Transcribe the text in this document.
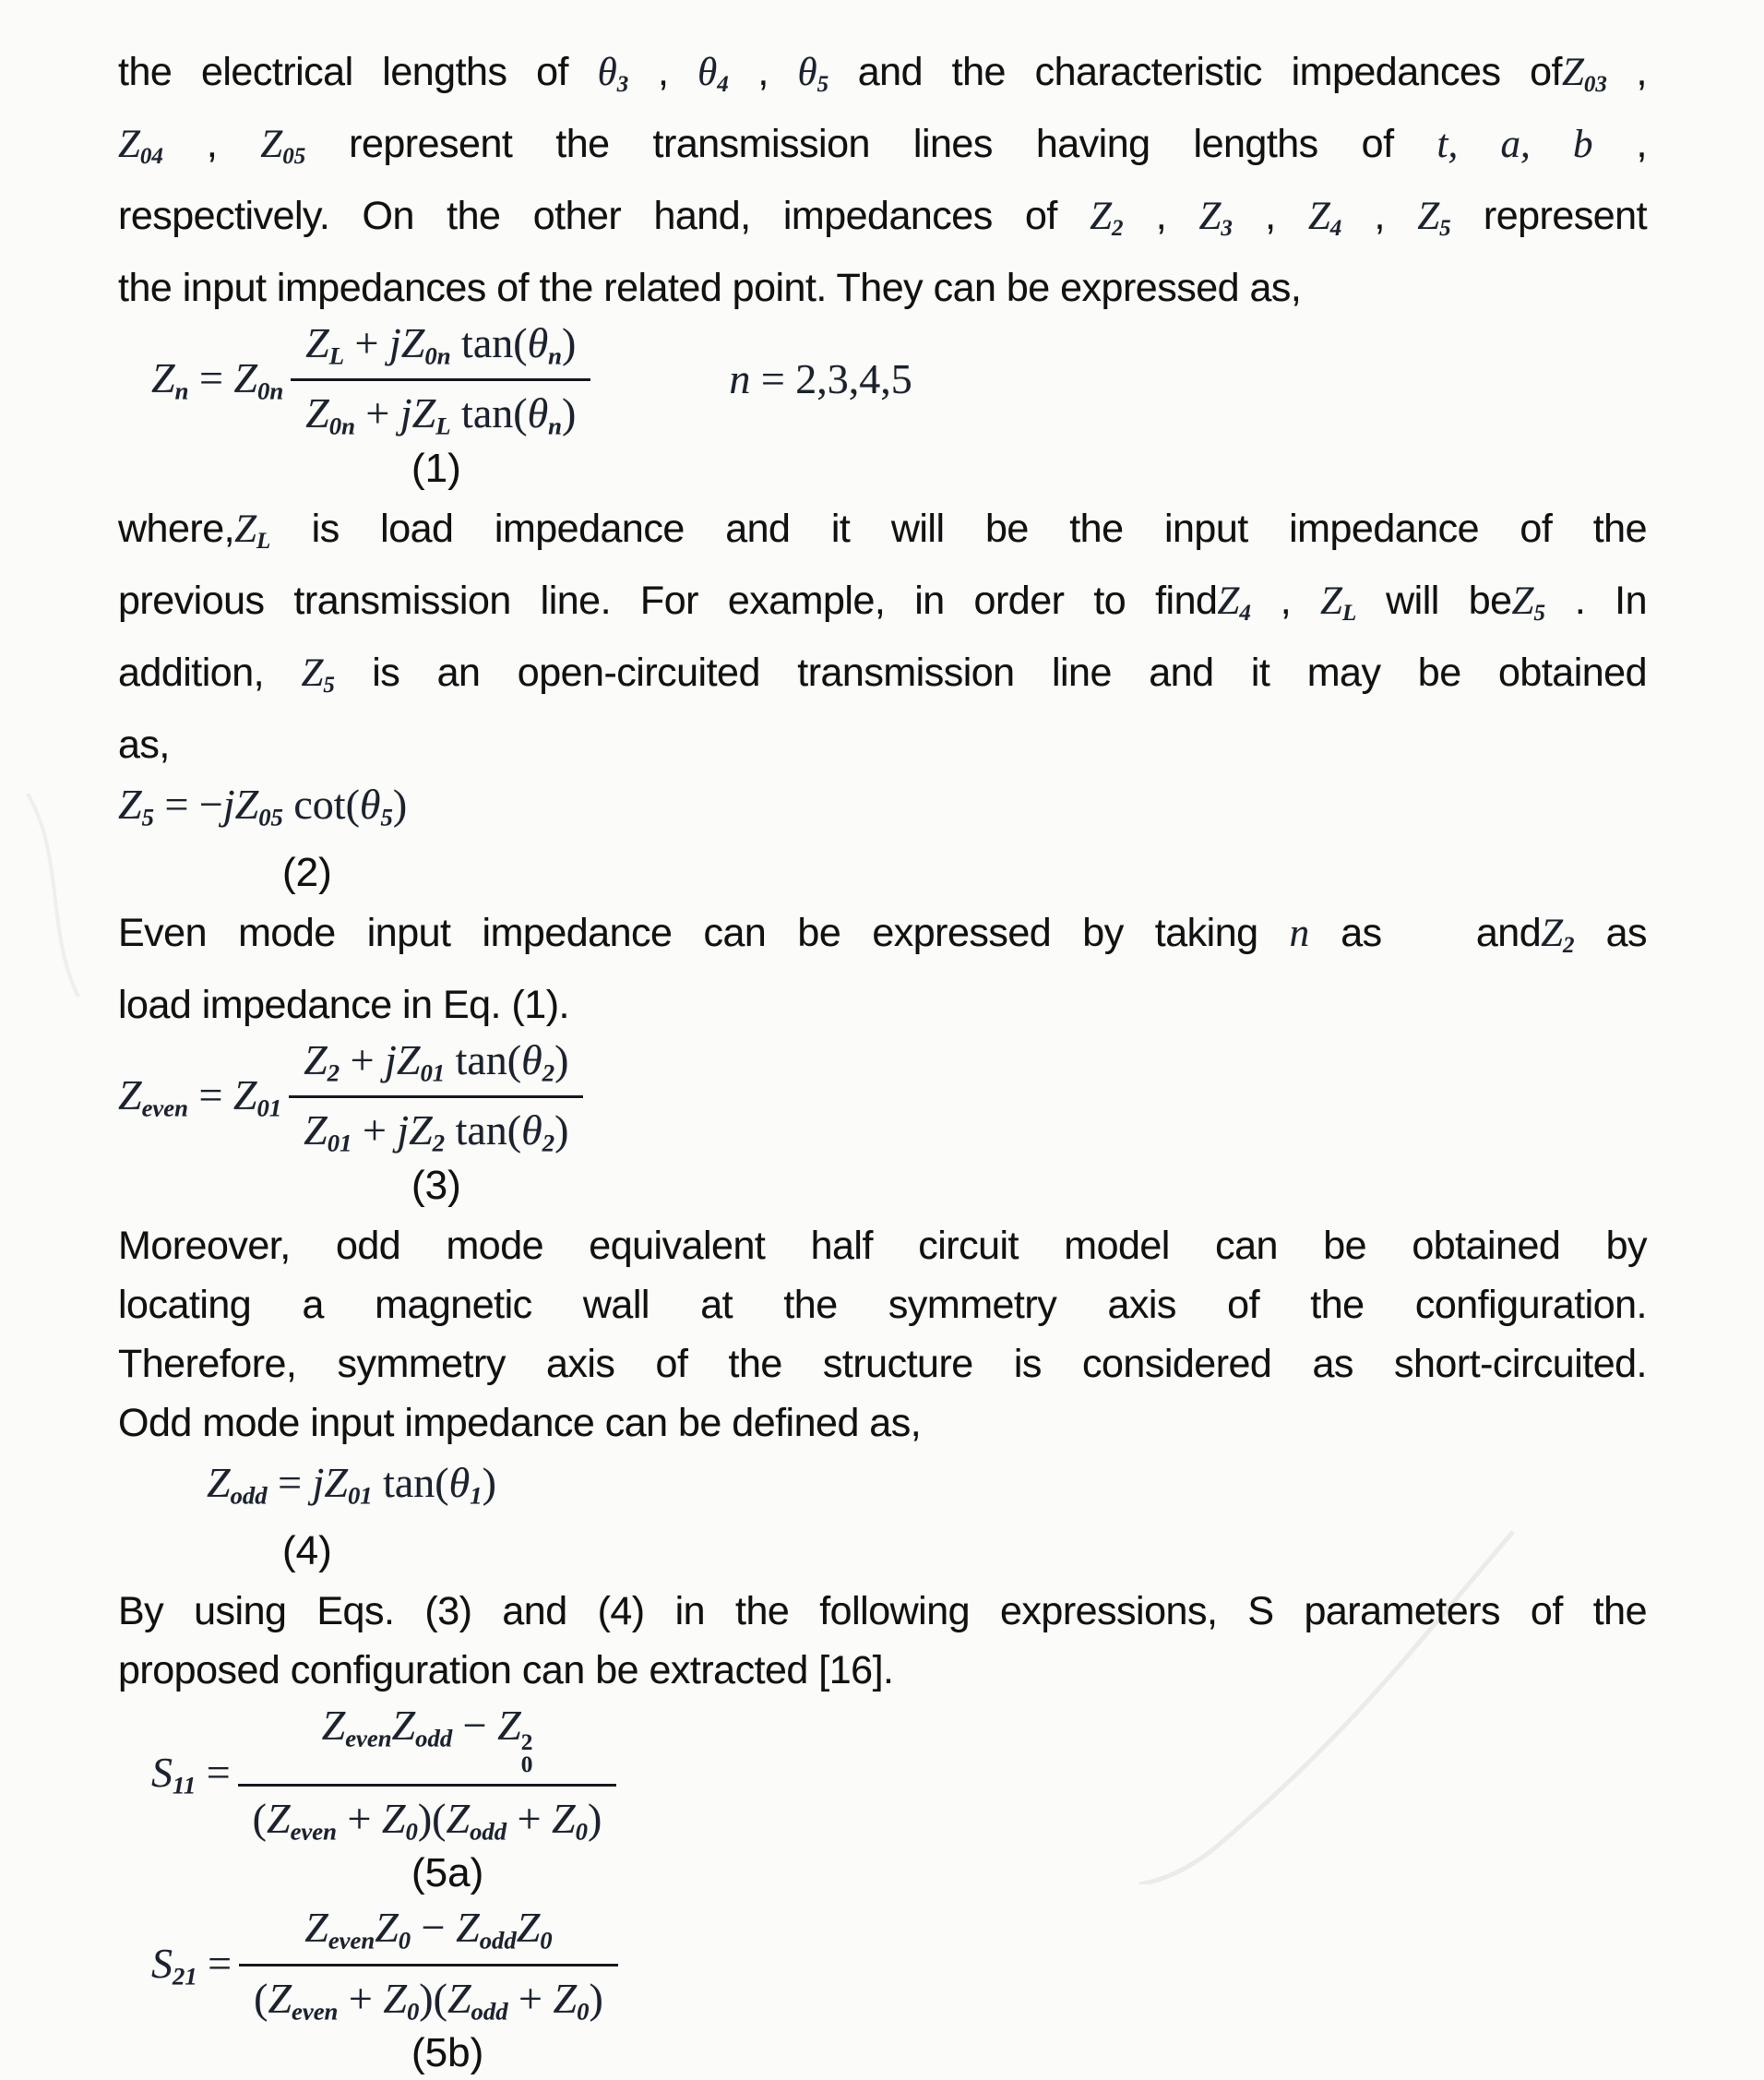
the electrical lengths of θ3 , θ4 , θ5 and the characteristic impedances ofZ03 ,
Z04 , Z05 represent the transmission lines having lengths of t, a, b ,
respectively. On the other hand, impedances of Z2 , Z3 , Z4 , Z5 represent
the input impedances of the related point. They can be expressed as,

$Zn = Z0n \frac{\text{ZL + jZ0n tan(θn)}}{\text{Z0n + jZL tan(θn)}}$	n = 2,3,4,5
(1)

where,ZL is load impedance and it will be the input impedance of the
previous transmission line. For example, in order to findZ4 , ZL will beZ5 . In
addition, Z5 is an open-circuited transmission line and it may be obtained
as,

Z5 = −jZ05 cot(θ5)
(2)

Even mode input impedance can be expressed by taking n as   andZ2 as
load impedance in Eq. (1).

Zeven = $Z01 \frac{Z2 + jZ01 \tan(\theta 2)}{Z01 + jZ2 \tan(\theta 2)}$
(3)

Moreover, odd mode equivalent half circuit model can be obtained by
locating a magnetic wall at the symmetry axis of the configuration.
Therefore, symmetry axis of the structure is considered as short-circuited.
Odd mode input impedance can be defined as,

Zodd = jZ01 tan(θ1)
(4)

By using Eqs. (3) and (4) in the following expressions, S parameters of the
proposed configuration can be extracted [16].

S11 = ZevenZodd − Z 2
0
(Zeven + Z0)(Zodd + Z0)
(5a)
$S21 = \frac{\text{ZevenZ0 − ZoddZ0}}{\text{(Zeven + Z0)(Zodd + Z0)}}$
(5b)
